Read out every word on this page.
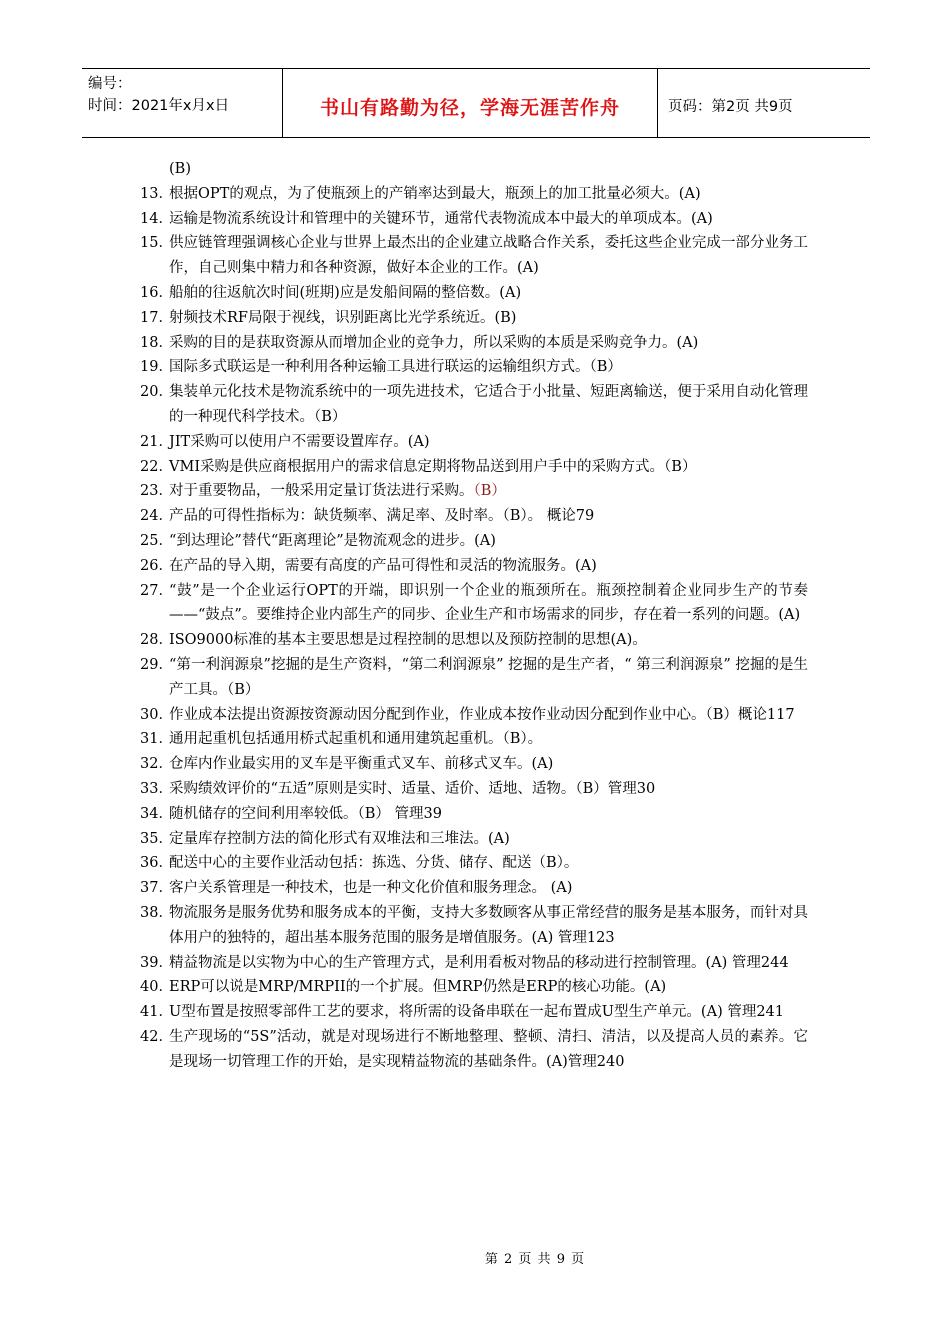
编号：
时间：2021年x月x日	书山有路勤为径，学海无涯苦作舟	页码：第2页 共9页
(B)
13．
根据OPT的观点，为了使瓶颈上的产销率达到最大，瓶颈上的加工批量必须大。(A)
14．
运输是物流系统设计和管理中的关键环节，通常代表物流成本中最大的单项成本。(A)
15．
供应链管理强调核心企业与世界上最杰出的企业建立战略合作关系，委托这些企业完成一部分业务工作，自己则集中精力和各种资源，做好本企业的工作。(A)
16．
船舶的往返航次时间(班期)应是发船间隔的整倍数。(A)
17．
射频技术RF局限于视线，识别距离比光学系统近。(B)
18．
采购的目的是获取资源从而增加企业的竞争力，所以采购的本质是采购竞争力。(A)
19．
国际多式联运是一种利用各种运输工具进行联运的运输组织方式。（B）
20．
集装单元化技术是物流系统中的一项先进技术，它适合于小批量、短距离输送，便于采用自动化管理的一种现代科学技术。（B）
21．
JIT采购可以使用户不需要设置库存。(A)
22．
VMI采购是供应商根据用户的需求信息定期将物品送到用户手中的采购方式。（B）
23．
对于重要物品，一般采用定量订货法进行采购。（B）
24．
产品的可得性指标为：缺货频率、满足率、及时率。（B）。 概论79
25．
“到达理论”替代“距离理论”是物流观念的进步。(A)
26．
在产品的导入期，需要有高度的产品可得性和灵活的物流服务。(A)
27．
“鼓”是一个企业运行OPT的开端，即识别一个企业的瓶颈所在。瓶颈控制着企业同步生产的节奏——“鼓点”。要维持企业内部生产的同步、企业生产和市场需求的同步，存在着一系列的问题。(A)
28．
ISO9000标准的基本主要思想是过程控制的思想以及预防控制的思想(A)。
29．
“第一利润源泉”挖掘的是生产资料，“第二利润源泉” 挖掘的是生产者，“ 第三利润源泉” 挖掘的是生产工具。（B）
30．
作业成本法提出资源按资源动因分配到作业，作业成本按作业动因分配到作业中心。（B）概论117
31．
通用起重机包括通用桥式起重机和通用建筑起重机。（B）。
32．
仓库内作业最实用的叉车是平衡重式叉车、前移式叉车。(A)
33．
采购绩效评价的“五适”原则是实时、适量、适价、适地、适物。（B）管理30
34．
随机储存的空间利用率较低。（B） 管理39
35．
定量库存控制方法的简化形式有双堆法和三堆法。(A)
36．
配送中心的主要作业活动包括：拣选、分货、储存、配送（B）。
37．
客户关系管理是一种技术，也是一种文化价值和服务理念。 (A)
38．
物流服务是服务优势和服务成本的平衡，支持大多数顾客从事正常经营的服务是基本服务，而针对具体用户的独特的，超出基本服务范围的服务是增值服务。(A) 管理123
39．
精益物流是以实物为中心的生产管理方式，是利用看板对物品的移动进行控制管理。(A) 管理244
40．
ERP可以说是MRP/MRPII的一个扩展。但MRP仍然是ERP的核心功能。(A)
41．
U型布置是按照零部件工艺的要求，将所需的设备串联在一起布置成U型生产单元。(A) 管理241
42．
生产现场的“5S”活动，就是对现场进行不断地整理、整顿、清扫、清洁，以及提高人员的素养。它是现场一切管理工作的开始，是实现精益物流的基础条件。(A)管理240
第 2 页 共 9 页
